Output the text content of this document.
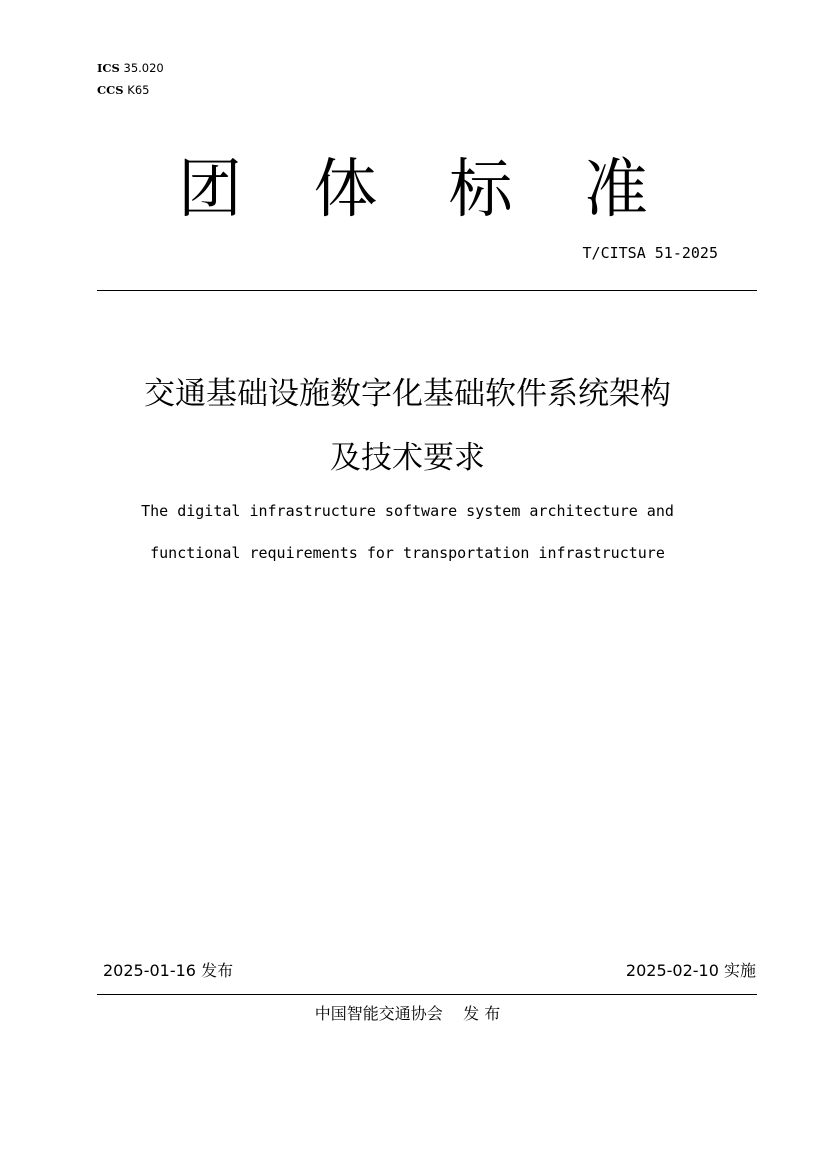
ICS 35.020
CCS K65
团 体 标 准
T/CITSA 51-2025
交通基础设施数字化基础软件系统架构
及技术要求
The digital infrastructure software system architecture and
functional requirements for transportation infrastructure
2025-01-16 发布	2025-02-10 实施
中国智能交通协会    发 布
